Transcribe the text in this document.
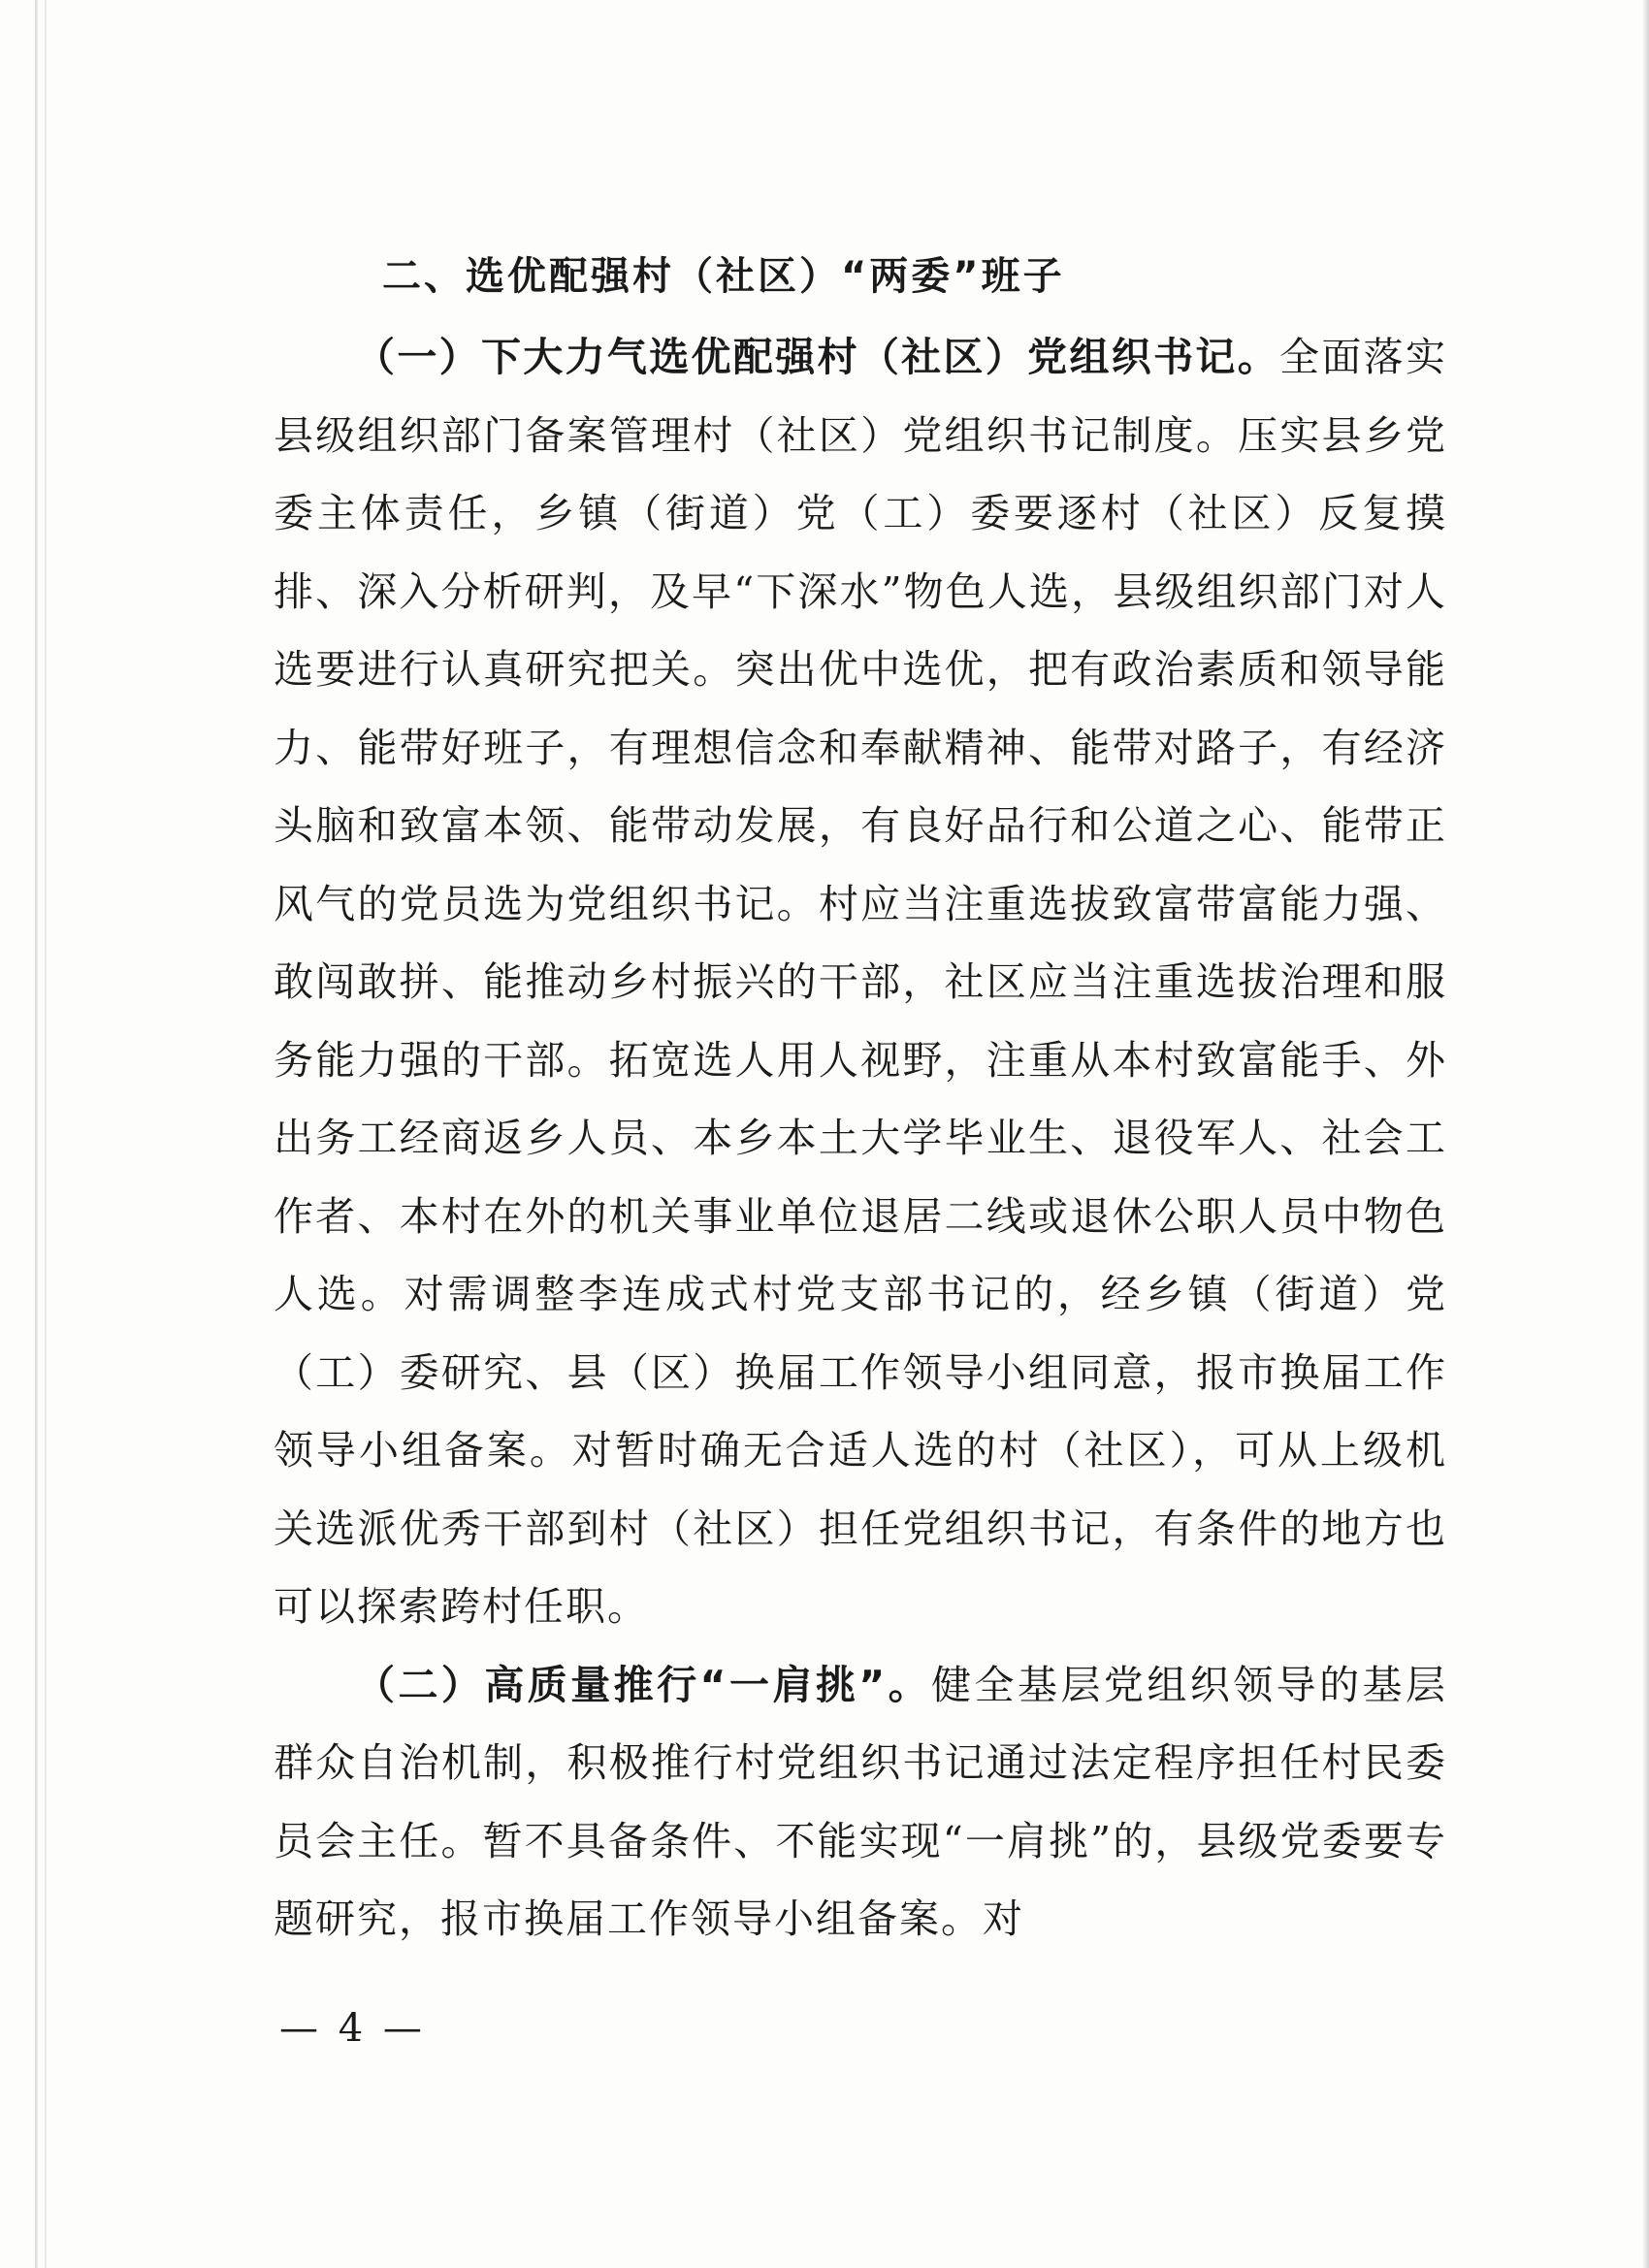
二、选优配强村（社区）“两委”班子

（一）下大力气选优配强村（社区）党组织书记。全面落实县级组织部门备案管理村（社区）党组织书记制度。压实县乡党委主体责任，乡镇（街道）党（工）委要逐村（社区）反复摸排、深入分析研判，及早“下深水”物色人选，县级组织部门对人选要进行认真研究把关。突出优中选优，把有政治素质和领导能力、能带好班子，有理想信念和奉献精神、能带对路子，有经济头脑和致富本领、能带动发展，有良好品行和公道之心、能带正风气的党员选为党组织书记。村应当注重选拔致富带富能力强、敢闯敢拼、能推动乡村振兴的干部，社区应当注重选拔治理和服务能力强的干部。拓宽选人用人视野，注重从本村致富能手、外出务工经商返乡人员、本乡本土大学毕业生、退役军人、社会工作者、本村在外的机关事业单位退居二线或退休公职人员中物色人选。对需调整李连成式村党支部书记的，经乡镇（街道）党（工）委研究、县（区）换届工作领导小组同意，报市换届工作领导小组备案。对暂时确无合适人选的村（社区），可从上级机关选派优秀干部到村（社区）担任党组织书记，有条件的地方也可以探索跨村任职。

（二）高质量推行“一肩挑”。健全基层党组织领导的基层群众自治机制，积极推行村党组织书记通过法定程序担任村民委员会主任。暂不具备条件、不能实现“一肩挑”的，县级党委要专题研究，报市换届工作领导小组备案。对

— 4 —
